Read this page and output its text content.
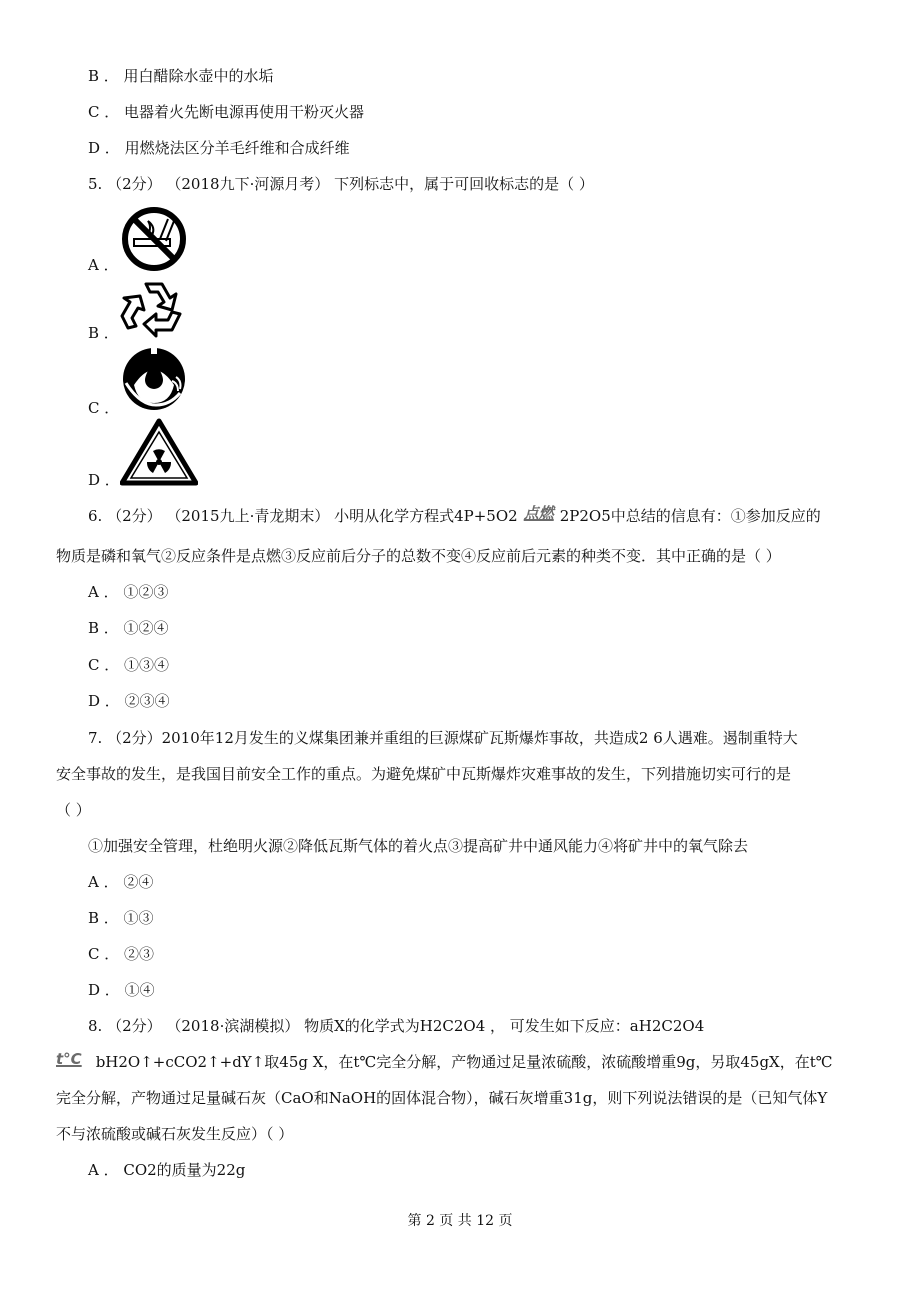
B ． 用白醋除水壶中的水垢
C ． 电器着火先断电源再使用干粉灭火器
D ． 用燃烧法区分羊毛纤维和合成纤维
5. （2分） （2018九下·河源月考） 下列标志中，属于可回收标志的是（ ）
A ．
B ．
C ．
D ．
6. （2分） （2015九上·青龙期末） 小明从化学方程式4P+5O2 点燃 2P2O5中总结的信息有：①参加反应的
物质是磷和氧气②反应条件是点燃③反应前后分子的总数不变④反应前后元素的种类不变．其中正确的是（ ）
A ． ①②③
B ． ①②④
C ． ①③④
D ． ②③④
7. （2分）2010年12月发生的义煤集团兼并重组的巨源煤矿瓦斯爆炸事故，共造成2 6人遇难。遏制重特大
安全事故的发生，是我国目前安全工作的重点。为避免煤矿中瓦斯爆炸灾难事故的发生，下列措施切实可行的是
（ ）
①加强安全管理，杜绝明火源②降低瓦斯气体的着火点③提高矿井中通风能力④将矿井中的氧气除去
A ． ②④
B ． ①③
C ． ②③
D ． ①④
8. （2分） （2018·滨湖模拟） 物质X的化学式为H2C2O4 ， 可发生如下反应：aH2C2O4
t°C bH2O↑+cCO2↑+dY↑取45g X，在t℃完全分解，产物通过足量浓硫酸，浓硫酸增重9g，另取45gX，在t℃
完全分解，产物通过足量碱石灰（CaO和NaOH的固体混合物），碱石灰增重31g，则下列说法错误的是（已知气体Y
不与浓硫酸或碱石灰发生反应）（ ）
A ． CO2的质量为22g
第 2 页 共 12 页
